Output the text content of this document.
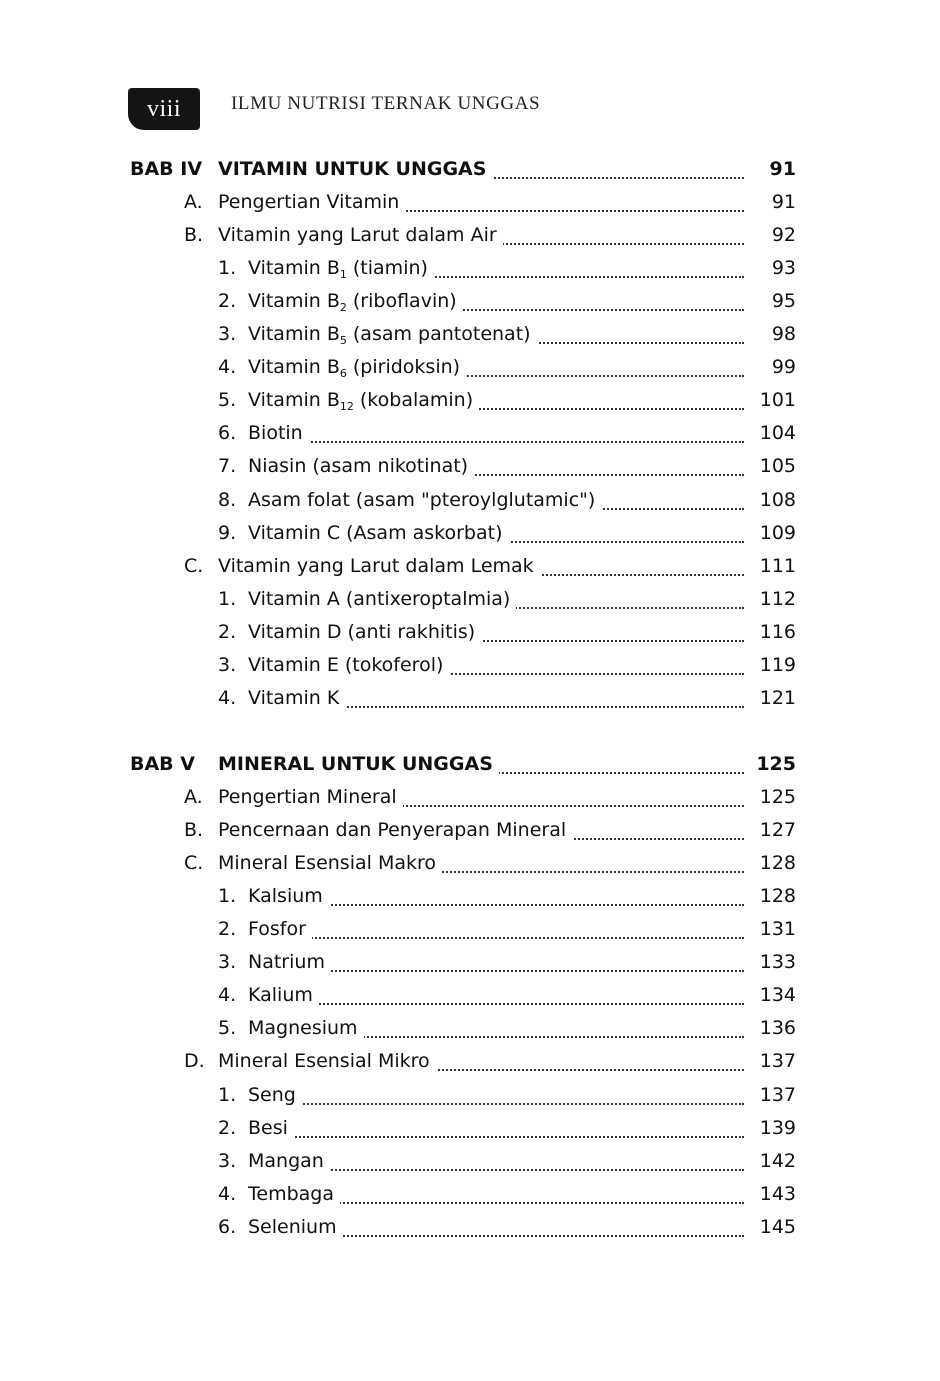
viii	ILMU NUTRISI TERNAK UNGGAS
BAB IV VITAMIN UNTUK UNGGAS	91
A. Pengertian Vitamin	91
B. Vitamin yang Larut dalam Air	92
1. Vitamin $B_1$ (tiamin)	93
2. Vitamin $B_2$ (riboflavin)	95
3. Vitamin $B_5$ (asam pantotenat)	98
4. Vitamin $B_6$ (piridoksin)	99
5. Vitamin $B_{12}$ (kobalamin)	101
6. Biotin	104
7. Niasin (asam nikotinat)	105
8. Asam folat (asam "pteroylglutamic")	108
9. Vitamin C (Asam askorbat)	109
C. Vitamin yang Larut dalam Lemak	111
1. Vitamin A (antixeroptalmia)	112
2. Vitamin D (anti rakhitis)	116
3. Vitamin E (tokoferol)	119
4. Vitamin K	121
BAB V MINERAL UNTUK UNGGAS	125
A. Pengertian Mineral	125
B. Pencernaan dan Penyerapan Mineral	127
C. Mineral Esensial Makro	128
1. Kalsium	128
2. Fosfor	131
3. Natrium	133
4. Kalium	134
5. Magnesium	136
D. Mineral Esensial Mikro	137
1. Seng	137
2. Besi	139
3. Mangan	142
4. Tembaga	143
6. Selenium	145
